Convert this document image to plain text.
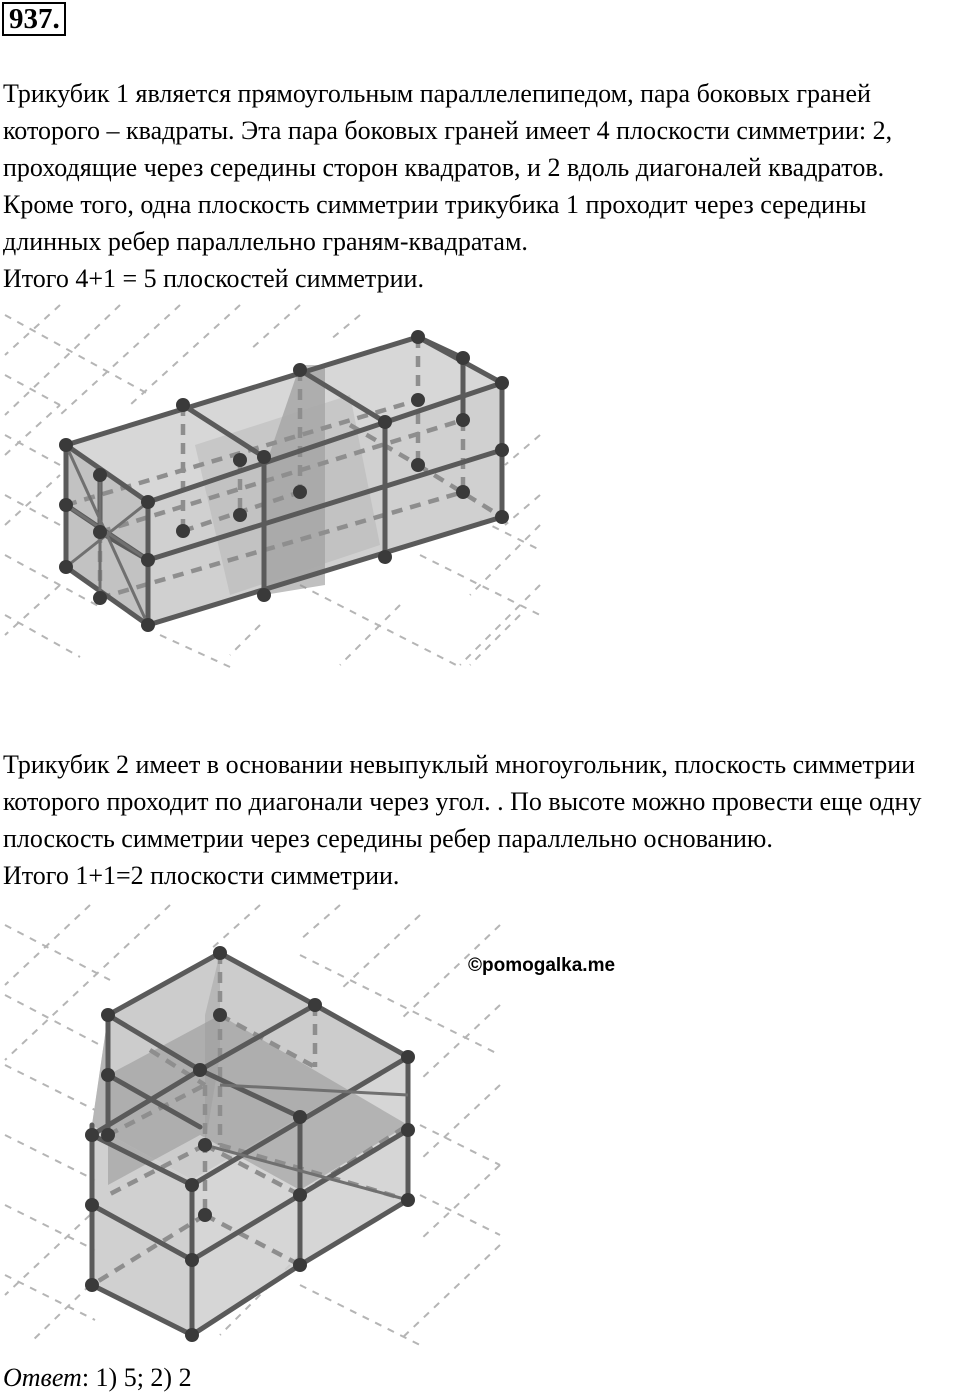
937.
Трикубик 1 является прямоугольным параллелепипедом, пара боковых граней
которого – квадраты. Эта пара боковых граней имеет 4 плоскости симметрии: 2,
проходящие через середины сторон квадратов, и 2 вдоль диагоналей квадратов.
Кроме того, одна плоскость симметрии трикубика 1 проходит через середины
длинных ребер параллельно граням-квадратам.
Итого 4+1 = 5 плоскостей симметрии.
Трикубик 2 имеет в основании невыпуклый многоугольник, плоскость симметрии
которого проходит по диагонали через угол. . По высоте можно провести еще одну
плоскость симметрии через середины ребер параллельно основанию.
Итого 1+1=2 плоскости симметрии.
©pomogalka.me
Ответ: 1) 5; 2) 2
